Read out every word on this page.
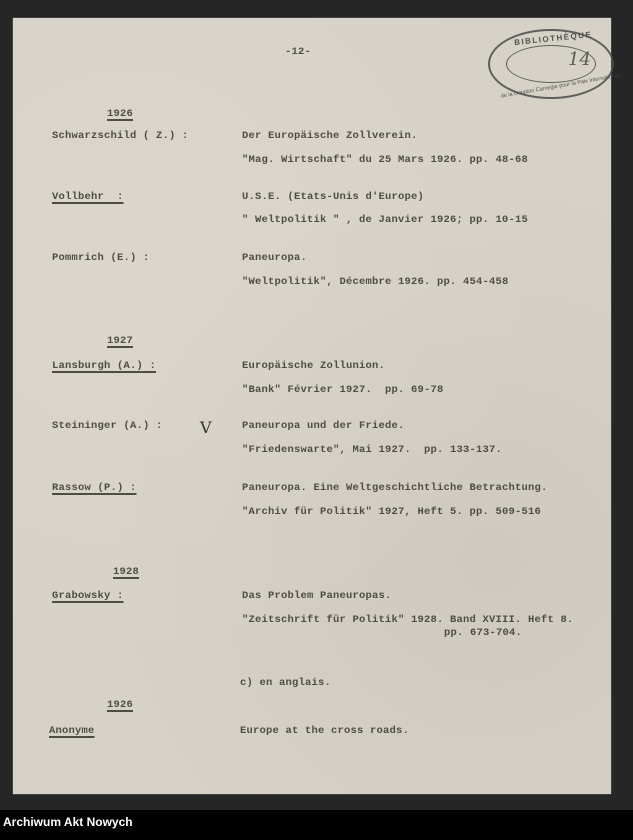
-12-
BIBLIOTHÈQUE
14
de la Dotation Carnegie pour la Paix Internationale
1926
Schwarzschild ( Z.) :	Der Europäische Zollverein.
"Mag. Wirtschaft" du 25 Mars 1926. pp. 48-68
Vollbehr  :	U.S.E. (Etats-Unis d'Europe)
" Weltpolitik " , de Janvier 1926; pp. 10-15
Pommrich (E.) :	Paneuropa.
"Weltpolitik", Décembre 1926. pp. 454-458
1927
Lansburgh (A.) :	Europäische Zollunion.
"Bank" Février 1927.  pp. 69-78
Steininger (A.) : V	Paneuropa und der Friede.
"Friedenswarte", Mai 1927.  pp. 133-137.
Rassow (P.) :	Paneuropa. Eine Weltgeschichtliche Betrachtung.
"Archiv für Politik" 1927, Heft 5. pp. 509-516
1928
Grabowsky :	Das Problem Paneuropas.
"Zeitschrift für Politik" 1928. Band XVIII. Heft 8.
pp. 673-704.
c) en anglais.
1926
Anonyme	Europe at the cross roads.
Archiwum Akt Nowych
